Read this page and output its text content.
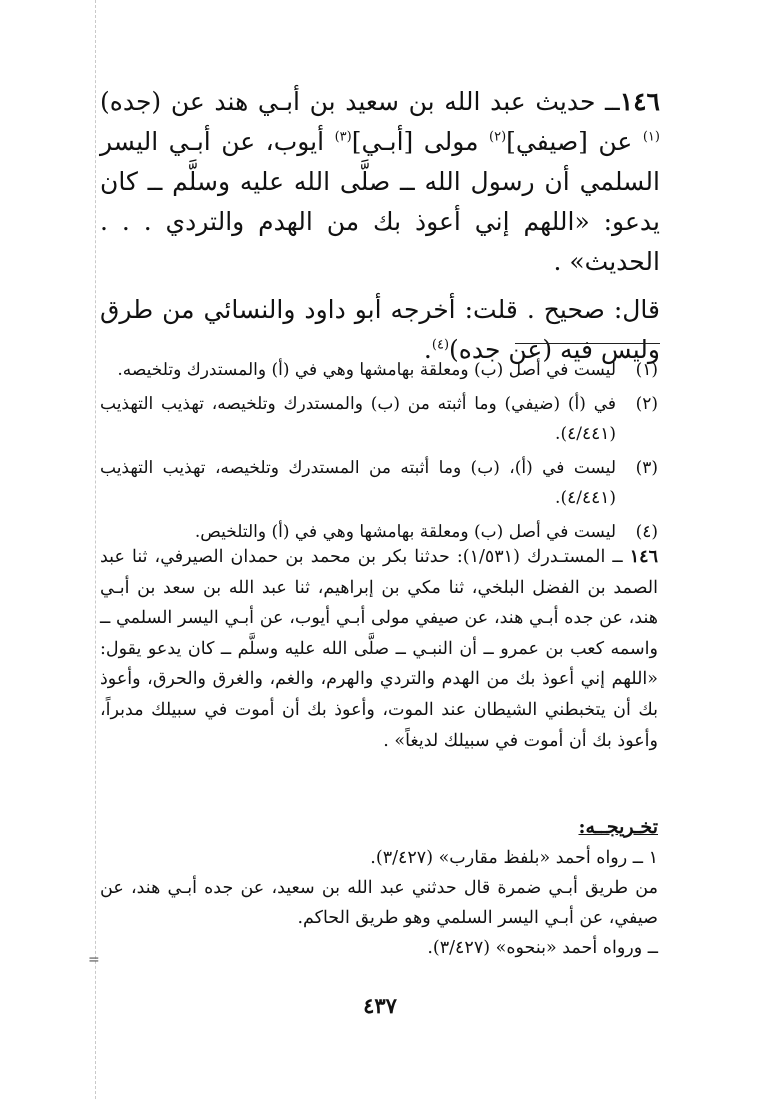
=

١٤٦ــ حديث عبد الله بن سعيد بن أبـي هند عن (جده)$^{(١)}$ عن [صيفي]$^{(٢)}$ مولى [أبـي]$^{(٣)}$ أيوب، عن أبـي اليسر السلمي أن رسول الله ــ صلَّى الله عليه وسلَّم ــ كان يدعو: «اللهم إني أعوذ بك من الهدم والتردي . . . الحديث» .

قال: صحيح . قلت: أخرجه أبو داود والنسائي من طرق وليس فيه (عن جده)$^{(٤)}$.

(١)
ليست في أصل (ب) ومعلقة بهامشها وهي في (أ) والمستدرك وتلخيصه.
(٢)
في (أ) (ضيفي) وما أثبته من (ب) والمستدرك وتلخيصه، تهذيب التهذيب (٤/٤٤١).
(٣)
ليست في (أ)، (ب) وما أثبته من المستدرك وتلخيصه، تهذيب التهذيب (٤/٤٤١).
(٤)
ليست في أصل (ب) ومعلقة بهامشها وهي في (أ) والتلخيص.
١٤٦ ــ المستـدرك (١/٥٣١): حدثنا بكر بن محمد بن حمدان الصيرفي، ثنا عبد الصمد بن الفضل البلخي، ثنا مكي بن إبراهيم، ثنا عبد الله بن سعد بن أبـي هند، عن جده أبـي هند، عن صيفي مولى أبـي أيوب، عن أبـي اليسر السلمي ــ واسمه كعب بن عمرو ــ أن النبـي ــ صلَّى الله عليه وسلَّم ــ كان يدعو يقول: «اللهم إني أعوذ بك من الهدم والتردي والهرم، والغم، والغرق والحرق، وأعوذ بك أن يتخبطني الشيطان عند الموت، وأعوذ بك أن أموت في سبيلك مدبراً، وأعوذ بك أن أموت في سبيلك لديغاً» .

تخـريجــه:

١ ــ رواه أحمد «بلفظ مقارب» (٣/٤٢٧).

من طريق أبـي ضمرة قال حدثني عبد الله بن سعيد، عن جده أبـي هند، عن صيفي، عن أبـي اليسر السلمي وهو طريق الحاكم.

ــ ورواه أحمد «بنحوه» (٣/٤٢٧).

٤٣٧
